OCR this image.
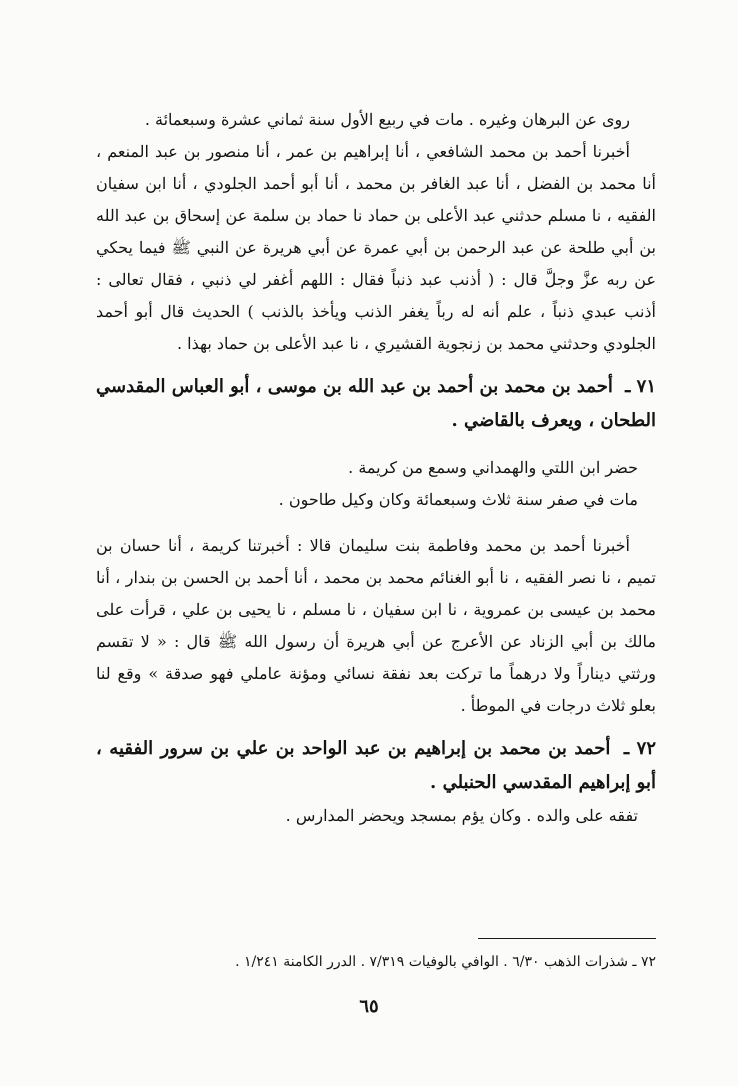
روى عن البرهان وغيره . مات في ربيع الأول سنة ثماني عشرة وسبعمائة .

أخبرنا أحمد بن محمد الشافعي ، أنا إبراهيم بن عمر ، أنا منصور بن عبد المنعم ، أنا محمد بن الفضل ، أنا عبد الغافر بن محمد ، أنا أبو أحمد الجلودي ، أنا ابن سفيان الفقيه ، نا مسلم حدثني عبد الأعلى بن حماد نا حماد بن سلمة عن إسحاق بن عبد الله بن أبي طلحة عن عبد الرحمن بن أبي عمرة عن أبي هريرة عن النبي ﷺ فيما يحكي عن ربه عزَّ وجلَّ قال : ( أذنب عبد ذنباً فقال : اللهم أغفر لي ذنبي ، فقال تعالى : أذنب عبدي ذنباً ، علم أنه له رباً يغفر الذنب ويأخذ بالذنب ) الحديث قال أبو أحمد الجلودي وحدثني محمد بن زنجوية القشيري ، نا عبد الأعلى بن حماد بهذا .

٧١ ـ أحمد بن محمد بن أحمد بن عبد الله بن موسى ، أبو العباس المقدسي الطحان ، ويعرف بالقاضي .

حضر ابن اللتي والهمداني وسمع من كريمة .

مات في صفر سنة ثلاث وسبعمائة وكان وكيل طاحون .

أخبرنا أحمد بن محمد وفاطمة بنت سليمان قالا : أخبرتنا كريمة ، أنا حسان بن تميم ، نا نصر الفقيه ، نا أبو الغنائم محمد بن محمد ، أنا أحمد بن الحسن بن بندار ، أنا محمد بن عيسى بن عمروية ، نا ابن سفيان ، نا مسلم ، نا يحيى بن علي ، قرأت على مالك بن أبي الزناد عن الأعرج عن أبي هريرة أن رسول الله ﷺ قال : « لا تقسم ورثتي ديناراً ولا درهماً ما تركت بعد نفقة نسائي ومؤنة عاملي فهو صدقة » وقع لنا بعلو ثلاث درجات في الموطأ .

٧٢ ـ أحمد بن محمد بن إبراهيم بن عبد الواحد بن علي بن سرور الفقيه ، أبو إبراهيم المقدسي الحنبلي .

تفقه على والده . وكان يؤم بمسجد ويحضر المدارس .

٧٢ ـ شذرات الذهب ٦/٣٠ . الوافي بالوفيات ٧/٣١٩ . الدرر الكامنة ١/٢٤١ .
٦٥
